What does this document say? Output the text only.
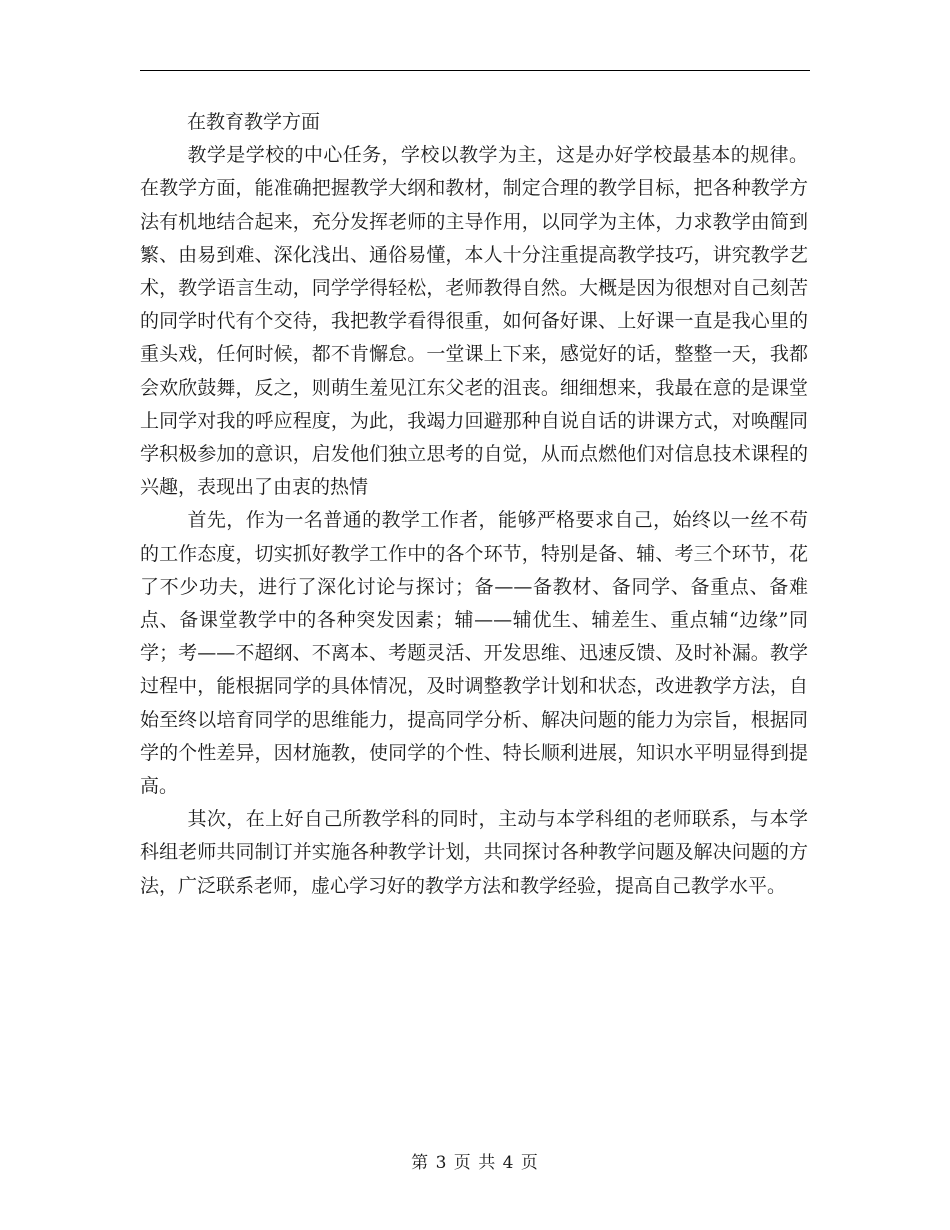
在教育教学方面

教学是学校的中心任务，学校以教学为主，这是办好学校最基本的规律。在教学方面，能准确把握教学大纲和教材，制定合理的教学目标，把各种教学方法有机地结合起来，充分发挥老师的主导作用，以同学为主体，力求教学由简到繁、由易到难、深化浅出、通俗易懂，本人十分注重提高教学技巧，讲究教学艺术，教学语言生动，同学学得轻松，老师教得自然。大概是因为很想对自己刻苦的同学时代有个交待，我把教学看得很重，如何备好课、上好课一直是我心里的重头戏，任何时候，都不肯懈怠。一堂课上下来，感觉好的话，整整一天，我都会欢欣鼓舞，反之，则萌生羞见江东父老的沮丧。细细想来，我最在意的是课堂上同学对我的呼应程度，为此，我竭力回避那种自说自话的讲课方式，对唤醒同学积极参加的意识，启发他们独立思考的自觉，从而点燃他们对信息技术课程的兴趣，表现出了由衷的热情

首先，作为一名普通的教学工作者，能够严格要求自己，始终以一丝不苟的工作态度，切实抓好教学工作中的各个环节，特别是备、辅、考三个环节，花了不少功夫，进行了深化讨论与探讨；备——备教材、备同学、备重点、备难点、备课堂教学中的各种突发因素；辅——辅优生、辅差生、重点辅“边缘”同学；考——不超纲、不离本、考题灵活、开发思维、迅速反馈、及时补漏。教学过程中，能根据同学的具体情况，及时调整教学计划和状态，改进教学方法，自始至终以培育同学的思维能力，提高同学分析、解决问题的能力为宗旨，根据同学的个性差异，因材施教，使同学的个性、特长顺利进展，知识水平明显得到提高。

其次，在上好自己所教学科的同时，主动与本学科组的老师联系，与本学科组老师共同制订并实施各种教学计划，共同探讨各种教学问题及解决问题的方法，广泛联系老师，虚心学习好的教学方法和教学经验，提高自己教学水平。

第 3 页 共 4 页
